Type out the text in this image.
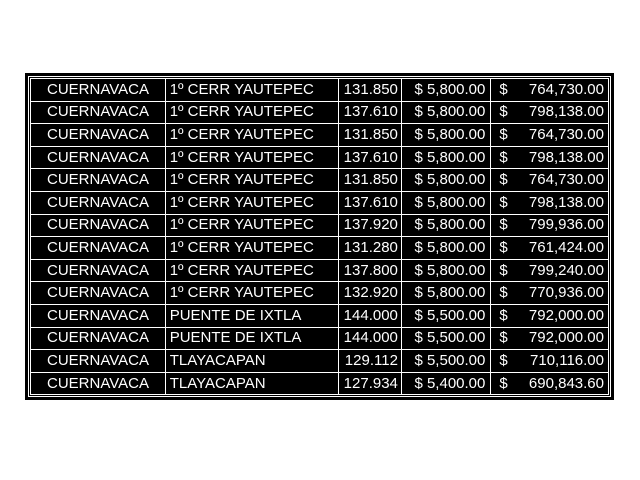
CUERNAVACA	1º CERR YAUTEPEC	131.850	$ 5,800.00	$ 764,730.00

CUERNAVACA	1º CERR YAUTEPEC	137.610	$ 5,800.00	$ 798,138.00

CUERNAVACA	1º CERR YAUTEPEC	131.850	$ 5,800.00	$ 764,730.00

CUERNAVACA	1º CERR YAUTEPEC	137.610	$ 5,800.00	$ 798,138.00

CUERNAVACA	1º CERR YAUTEPEC	131.850	$ 5,800.00	$ 764,730.00

CUERNAVACA	1º CERR YAUTEPEC	137.610	$ 5,800.00	$ 798,138.00

CUERNAVACA	1º CERR YAUTEPEC	137.920	$ 5,800.00	$ 799,936.00

CUERNAVACA	1º CERR YAUTEPEC	131.280	$ 5,800.00	$ 761,424.00

CUERNAVACA	1º CERR YAUTEPEC	137.800	$ 5,800.00	$ 799,240.00

CUERNAVACA	1º CERR YAUTEPEC	132.920	$ 5,800.00	$ 770,936.00

CUERNAVACA	PUENTE DE IXTLA	144.000	$ 5,500.00	$ 792,000.00

CUERNAVACA	PUENTE DE IXTLA	144.000	$ 5,500.00	$ 792,000.00

CUERNAVACA	TLAYACAPAN	129.112	$ 5,500.00	$ 710,116.00

CUERNAVACA	TLAYACAPAN	127.934	$ 5,400.00	$ 690,843.60
